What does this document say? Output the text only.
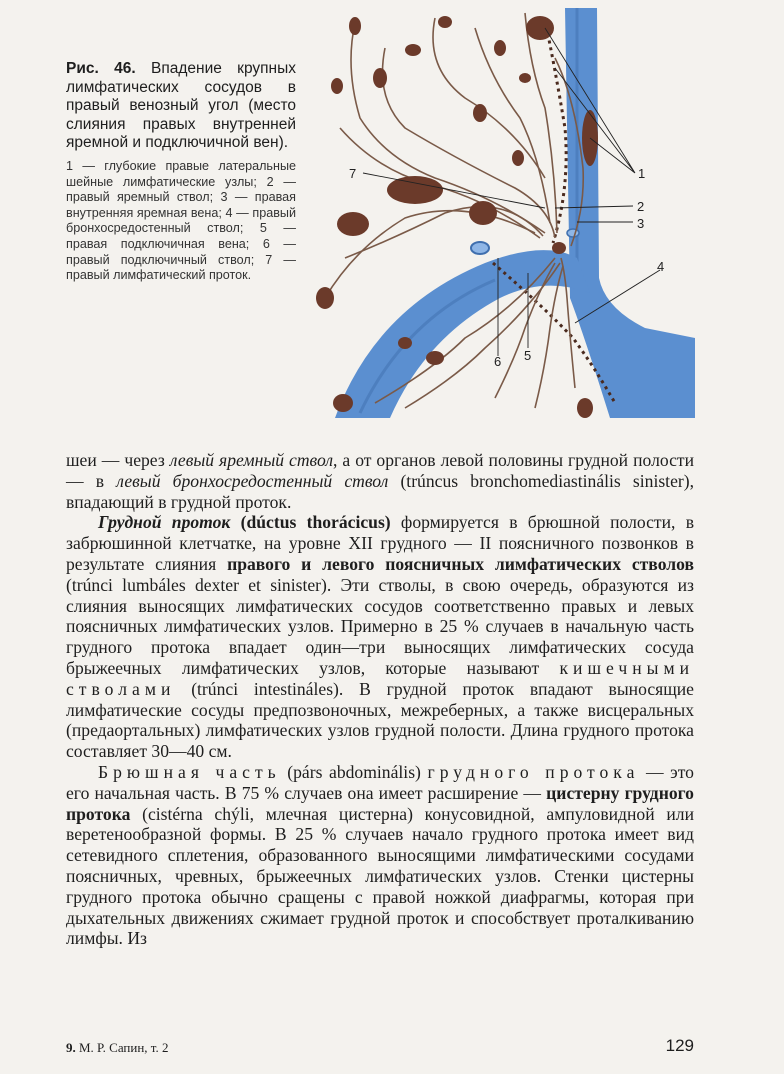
Рис. 46. Впадение крупных лимфатических сосудов в правый венозный угол (место слияния правых внутренней яремной и подключичной вен).
1 — глубокие правые латеральные шейные лимфатические узлы; 2 — правый яремный ствол; 3 — правая внутренняя яремная вена; 4 — правый бронхосредостенный ствол; 5 — правая подключичная вена; 6 — правый подключичный ствол; 7 — правый лимфатический проток.
1
2
3
4
5
6
7

шеи — через левый яремный ствол, а от органов левой половины грудной полости — в левый бронхосредостенный ствол (trúncus bronchomediastinális sinister), впадающий в грудной проток.

Грудной проток (dúctus thorácicus) формируется в брюшной полости, в забрюшинной клетчатке, на уровне XII грудного — II поясничного позвонков в результате слияния правого и левого поясничных лимфатических стволов (trúnci lumbáles dexter et sinister). Эти стволы, в свою очередь, образуются из слияния выносящих лимфатических сосудов соответственно правых и левых поясничных лимфатических узлов. Примерно в 25 % случаев в начальную часть грудного протока впадает один—три выносящих лимфатических сосуда брыжеечных лимфатических узлов, которые называют кишечными стволами (trúnci intestináles). В грудной проток впадают выносящие лимфатические сосуды предпозвоночных, межреберных, а также висцеральных (предаортальных) лимфатических узлов грудной полости. Длина грудного протока составляет 30—40 см.

Брюшная часть (párs abdominális) грудного протока — это его начальная часть. В 75 % случаев она имеет расширение — цистерну грудного протока (cistérna chýli, млечная цистерна) конусовидной, ампуловидной или веретенообразной формы. В 25 % случаев начало грудного протока имеет вид сетевидного сплетения, образованного выносящими лимфатическими сосудами поясничных, чревных, брыжеечных лимфатических узлов. Стенки цистерны грудного протока обычно сращены с правой ножкой диафрагмы, которая при дыхательных движениях сжимает грудной проток и способствует проталкиванию лимфы. Из

9. М. Р. Сапин, т. 2	129
